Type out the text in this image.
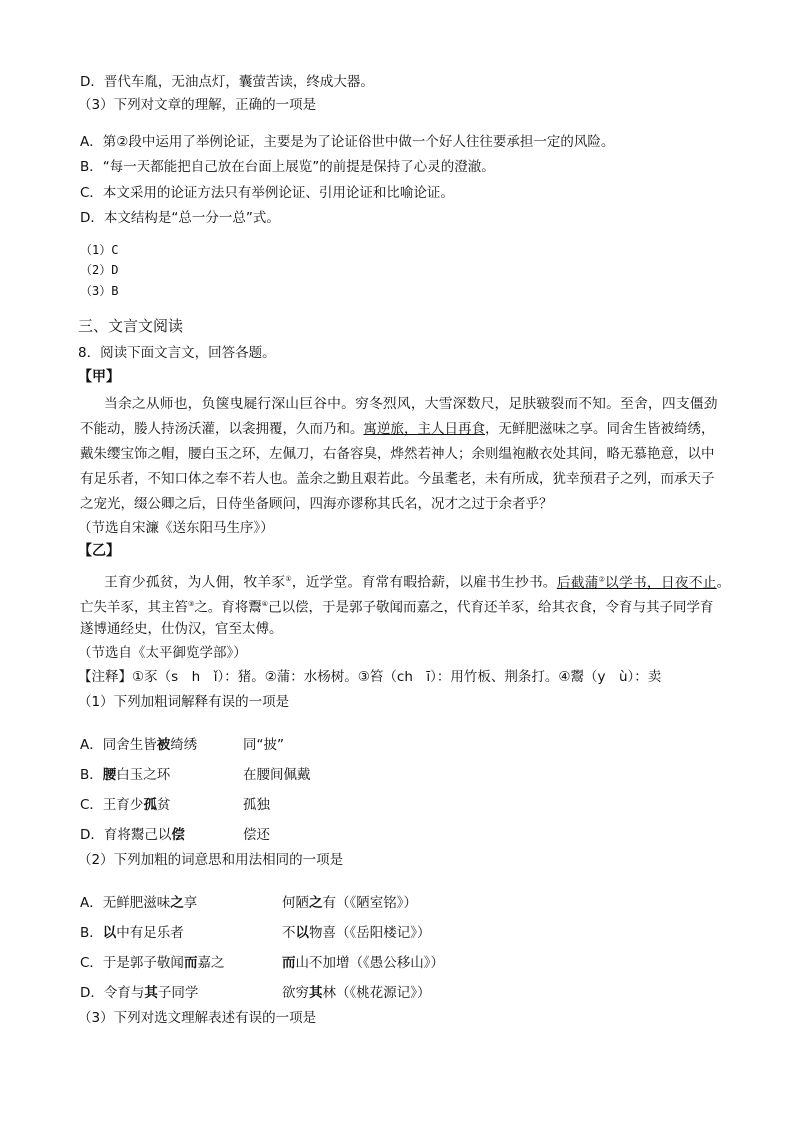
D．晋代车胤，无油点灯，囊萤苦读，终成大器。
（3）下列对文章的理解，正确的一项是
A．第②段中运用了举例论证，主要是为了论证俗世中做一个好人往往要承担一定的风险。
B．“每一天都能把自己放在台面上展览”的前提是保持了心灵的澄澈。
C．本文采用的论证方法只有举例论证、引用论证和比喻论证。
D．本文结构是“总一分一总”式。
（1）C
（2）D
（3）B
三、文言文阅读
8．阅读下面文言文，回答各题。
【甲】
当余之从师也，负箧曳屣行深山巨谷中。穷冬烈风，大雪深数尺，足肤皲裂而不知。至舍，四支僵劲
不能动，媵人持汤沃灌，以衾拥覆，久而乃和。寓逆旅，主人日再食，无鲜肥滋味之享。同舍生皆被绮绣，
戴朱缨宝饰之帽，腰白玉之环，左佩刀，右备容臭，烨然若神人；余则缊袍敝衣处其间，略无慕艳意，以中
有足乐者，不知口体之奉不若人也。盖余之勤且艰若此。今虽耄老，未有所成，犹幸预君子之列，而承天子
之宠光，缀公卿之后，日侍坐备顾问，四海亦谬称其氏名，况才之过于余者乎？
（节选自宋濂《送东阳马生序》）
【乙】
王育少孤贫，为人佣，牧羊豕①，近学堂。育常有暇拾薪，以雇书生抄书。后截蒲②以学书，日夜不止。
亡失羊豕，其主笞③之。育将鬻④己以偿，于是郭子敬闻而嘉之，代育还羊豕，给其衣食，令育与其子同学育
遂博通经史，仕伪汉，官至太傅。
（节选自《太平御览学部》）
【注释】①豕（s　h　ǐ）：猪。②蒲：水杨树。③笞（ch　ī）：用竹板、荆条打。④鬻（y　ù）：卖
（1）下列加粗词解释有误的一项是
A．同舍生皆被绮绣	同“披”
B．腰白玉之环	在腰间佩戴
C．王育少孤贫	孤独
D．育将鬻己以偿	偿还
（2）下列加粗的词意思和用法相同的一项是
A．无鲜肥滋味之享	何陋之有（《陋室铭》）
B．以中有足乐者	不以物喜（《岳阳楼记》）
C．于是郭子敬闻而嘉之	而山不加增（《愚公移山》）
D．令育与其子同学	欲穷其林（《桃花源记》）
（3）下列对选文理解表述有误的一项是
